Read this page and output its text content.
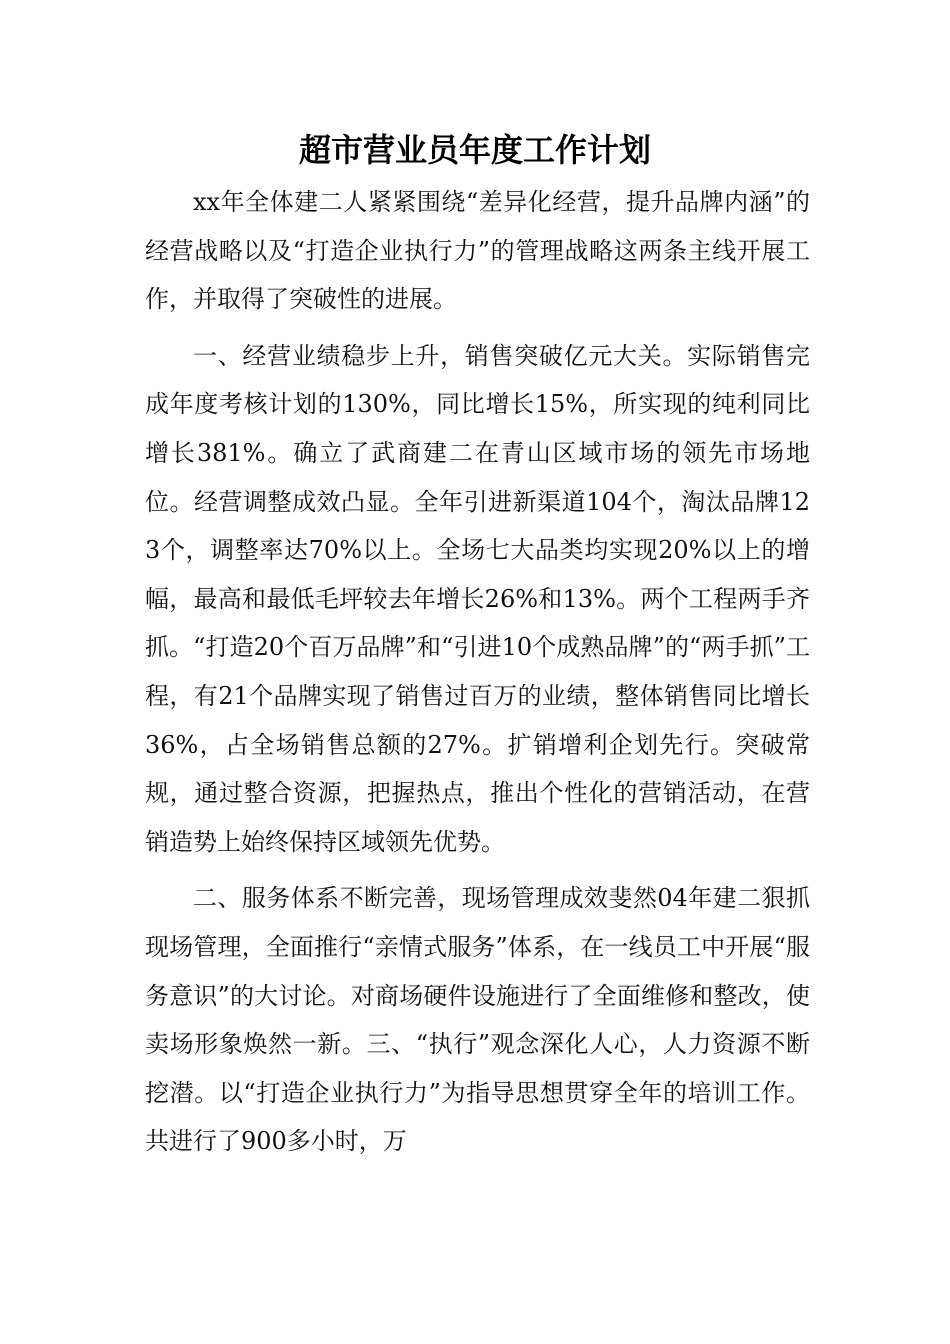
超市营业员年度工作计划

xx年全体建二人紧紧围绕“差异化经营，提升品牌内涵”的经营战略以及“打造企业执行力”的管理战略这两条主线开展工作，并取得了突破性的进展。

一、经营业绩稳步上升，销售突破亿元大关。实际销售完成年度考核计划的130%，同比增长15%，所实现的纯利同比增长381%。确立了武商建二在青山区域市场的领先市场地位。经营调整成效凸显。全年引进新渠道104个，淘汰品牌123个，调整率达70%以上。全场七大品类均实现20%以上的增幅，最高和最低毛坪较去年增长26%和13%。两个工程两手齐抓。“打造20个百万品牌”和“引进10个成熟品牌”的“两手抓”工程，有21个品牌实现了销售过百万的业绩，整体销售同比增长36%，占全场销售总额的27%。扩销增利企划先行。突破常规，通过整合资源，把握热点，推出个性化的营销活动，在营销造势上始终保持区域领先优势。

二、服务体系不断完善，现场管理成效斐然04年建二狠抓现场管理，全面推行“亲情式服务”体系，在一线员工中开展“服务意识”的大讨论。对商场硬件设施进行了全面维修和整改，使卖场形象焕然一新。三、“执行”观念深化人心，人力资源不断挖潜。以“打造企业执行力”为指导思想贯穿全年的培训工作。共进行了900多小时，万
